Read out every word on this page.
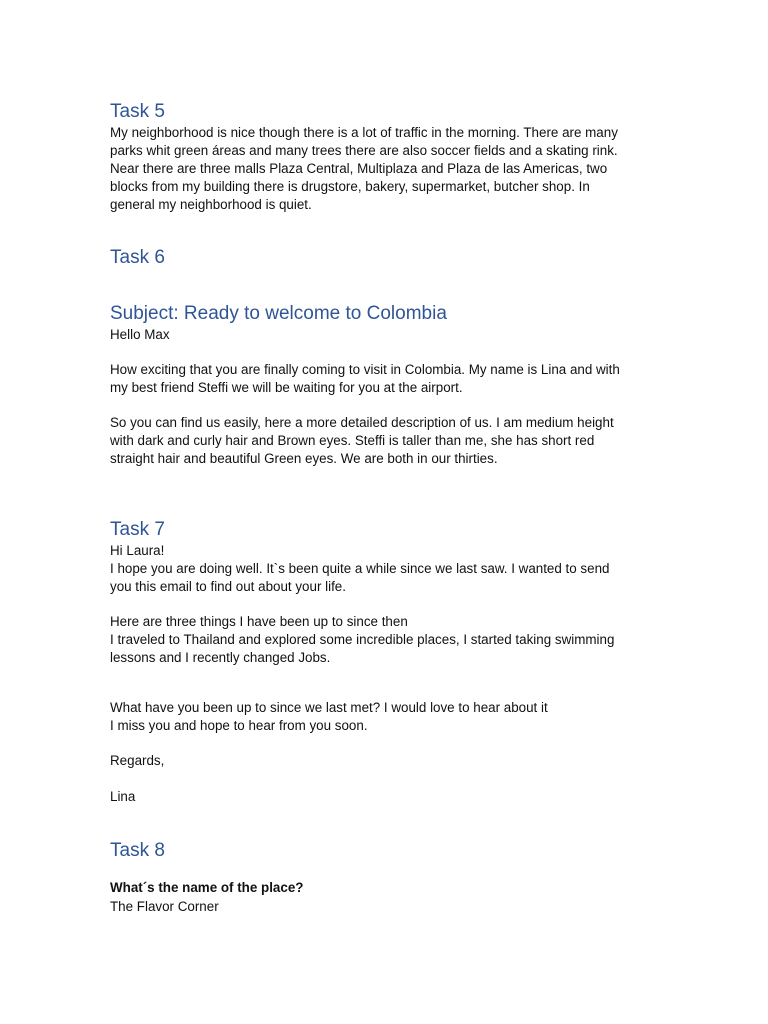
Task 5

My neighborhood is nice though there is a lot of traffic in the morning. There are many

parks whit green áreas and many trees there are also soccer fields and a skating rink.

Near there are three malls Plaza Central, Multiplaza and Plaza de las Americas, two

blocks from my building there is drugstore, bakery, supermarket, butcher shop. In

general my neighborhood is quiet.

Task 6
Subject: Ready to welcome to Colombia

Hello Max

How exciting that you are finally coming to visit in Colombia. My name is Lina and with

my best friend Steffi we will be waiting for you at the airport.

So you can find us easily, here a more detailed description of us. I am medium height

with dark and curly hair and Brown eyes. Steffi is taller than me, she has short red

straight hair and beautiful Green eyes. We are both in our thirties.

Task 7

Hi Laura!

I hope you are doing well. It`s been quite a while since we last saw. I wanted to send

you this email to find out about your life.

Here are three things I have been up to since then

I traveled to Thailand and explored some incredible places, I started taking swimming

lessons and I recently changed Jobs.

What have you been up to since we last met? I would love to hear about it

I miss you and hope to hear from you soon.

Regards,

Lina

Task 8

What´s the name of the place?

The Flavor Corner
